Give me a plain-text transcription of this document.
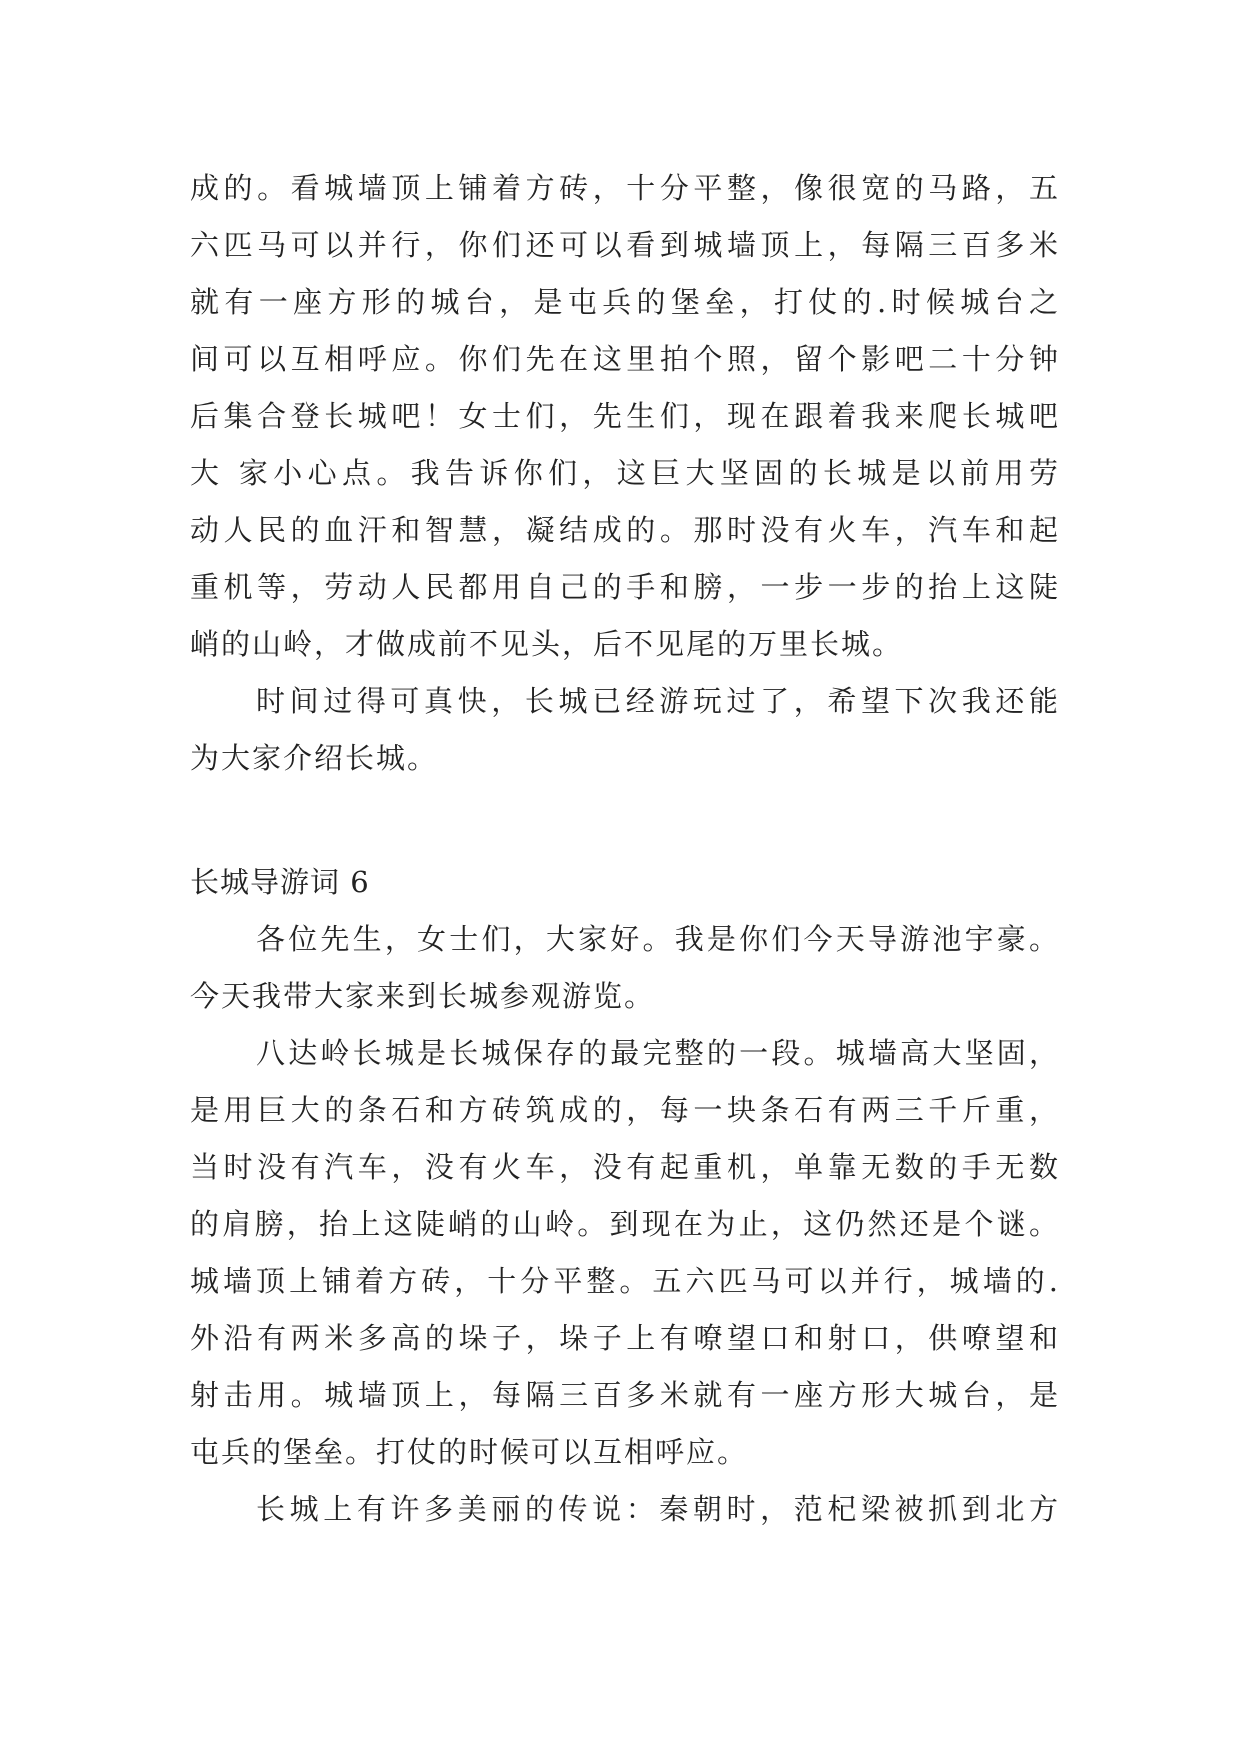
成的。看城墙顶上铺着方砖，十分平整，像很宽的马路，五
六匹马可以并行，你们还可以看到城墙顶上，每隔三百多米
就有一座方形的城台，是屯兵的堡垒，打仗的.时候城台之
间可以互相呼应。你们先在这里拍个照，留个影吧二十分钟
后集合登长城吧！女士们，先生们，现在跟着我来爬长城吧
大 家小心点。我告诉你们，这巨大坚固的长城是以前用劳
动人民的血汗和智慧，凝结成的。那时没有火车，汽车和起
重机等，劳动人民都用自己的手和膀，一步一步的抬上这陡
峭的山岭，才做成前不见头，后不见尾的万里长城。
时间过得可真快，长城已经游玩过了，希望下次我还能
为大家介绍长城。
长城导游词 6
各位先生，女士们，大家好。我是你们今天导游池宇豪。
今天我带大家来到长城参观游览。
八达岭长城是长城保存的最完整的一段。城墙高大坚固，
是用巨大的条石和方砖筑成的，每一块条石有两三千斤重，
当时没有汽车，没有火车，没有起重机，单靠无数的手无数
的肩膀，抬上这陡峭的山岭。到现在为止，这仍然还是个谜。
城墙顶上铺着方砖，十分平整。五六匹马可以并行，城墙的.
外沿有两米多高的垛子，垛子上有嘹望口和射口，供嘹望和
射击用。城墙顶上，每隔三百多米就有一座方形大城台，是
屯兵的堡垒。打仗的时候可以互相呼应。
长城上有许多美丽的传说：秦朝时，范杞梁被抓到北方
